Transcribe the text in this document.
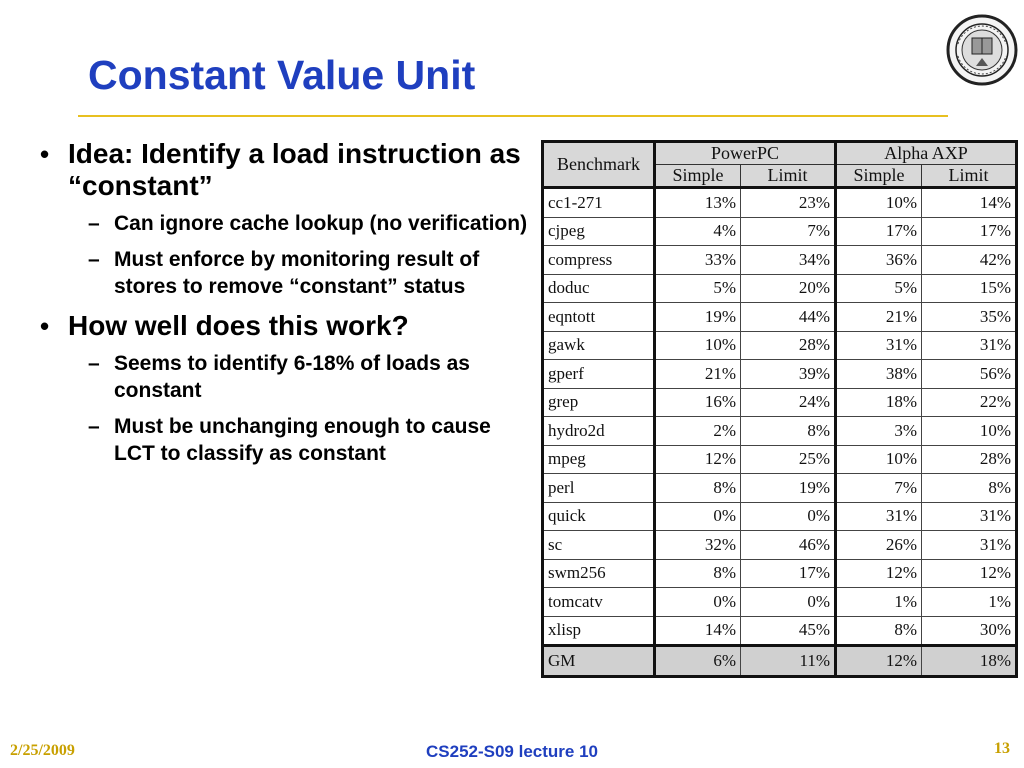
Constant Value Unit
• Idea: Identify a load instruction as “constant”
– Can ignore cache lookup (no verification)
– Must enforce by monitoring result of stores to remove “constant” status
• How well does this work?
– Seems to identify 6-18% of loads as constant
– Must be unchanging enough to cause LCT to classify as constant
Benchmark	PowerPC		Alpha AXP	
	Simple	Limit	Simple	Limit
cc1-271	13%	23%	10%	14%
cjpeg	4%	7%	17%	17%
compress	33%	34%	36%	42%
doduc	5%	20%	5%	15%
eqntott	19%	44%	21%	35%
gawk	10%	28%	31%	31%
gperf	21%	39%	38%	56%
grep	16%	24%	18%	22%
hydro2d	2%	8%	3%	10%
mpeg	12%	25%	10%	28%
perl	8%	19%	7%	8%
quick	0%	0%	31%	31%
sc	32%	46%	26%	31%
swm256	8%	17%	12%	12%
tomcatv	0%	0%	1%	1%
xlisp	14%	45%	8%	30%
GM	6%	11%	12%	18%
2/25/2009	CS252-S09 lecture 10	13
